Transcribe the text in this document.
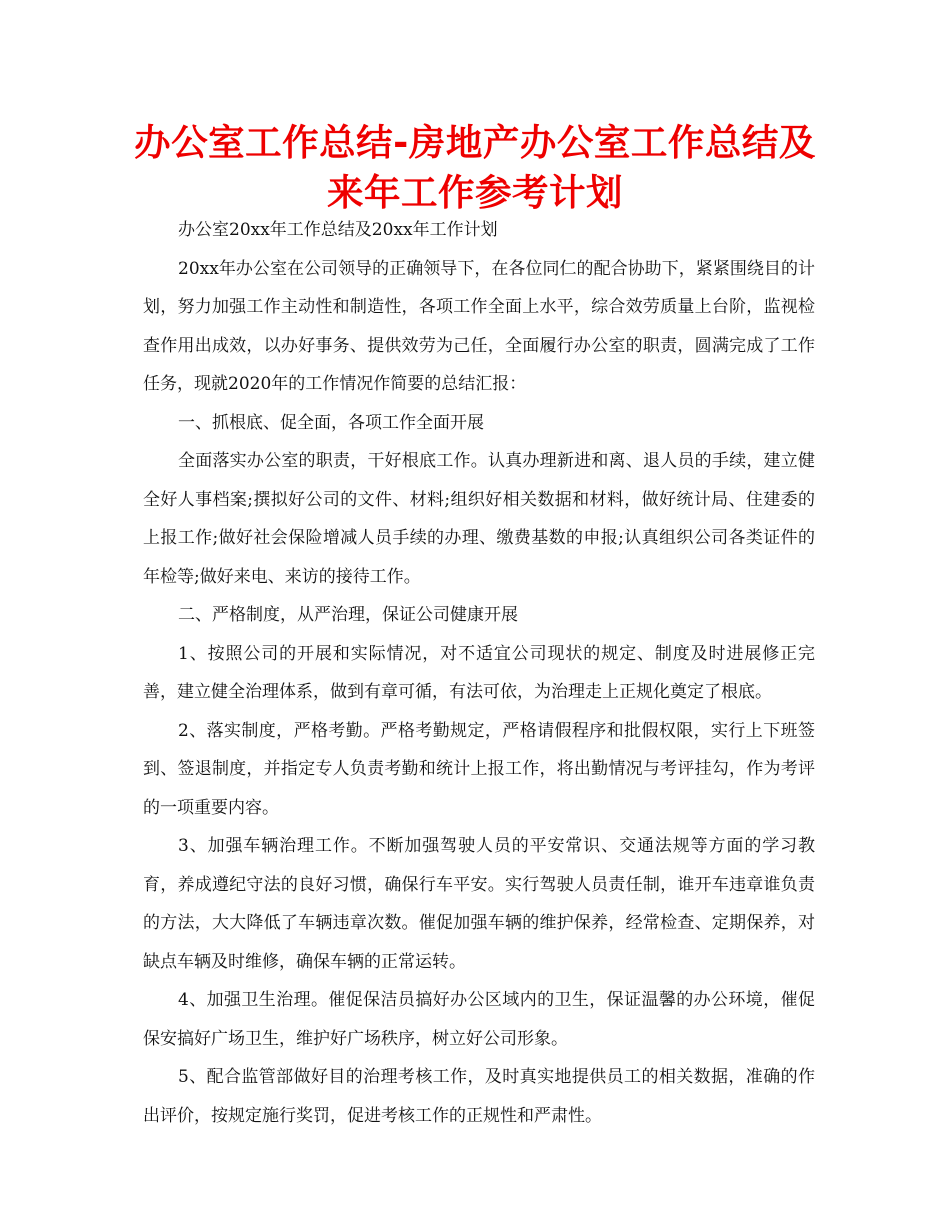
办公室工作总结-房地产办公室工作总结及来年工作参考计划

办公室20xx年工作总结及20xx年工作计划

20xx年办公室在公司领导的正确领导下，在各位同仁的配合协助下，紧紧围绕目的计划，努力加强工作主动性和制造性，各项工作全面上水平，综合效劳质量上台阶，监视检查作用出成效，以办好事务、提供效劳为己任，全面履行办公室的职责，圆满完成了工作任务，现就2020年的工作情况作简要的总结汇报：

一、抓根底、促全面，各项工作全面开展

全面落实办公室的职责，干好根底工作。认真办理新进和离、退人员的手续，建立健全好人事档案;撰拟好公司的文件、材料;组织好相关数据和材料，做好统计局、住建委的上报工作;做好社会保险增减人员手续的办理、缴费基数的申报;认真组织公司各类证件的年检等;做好来电、来访的接待工作。

二、严格制度，从严治理，保证公司健康开展

1、按照公司的开展和实际情况，对不适宜公司现状的规定、制度及时进展修正完善，建立健全治理体系，做到有章可循，有法可依，为治理走上正规化奠定了根底。

2、落实制度，严格考勤。严格考勤规定，严格请假程序和批假权限，实行上下班签到、签退制度，并指定专人负责考勤和统计上报工作，将出勤情况与考评挂勾，作为考评的一项重要内容。

3、加强车辆治理工作。不断加强驾驶人员的平安常识、交通法规等方面的学习教育，养成遵纪守法的良好习惯，确保行车平安。实行驾驶人员责任制，谁开车违章谁负责的方法，大大降低了车辆违章次数。催促加强车辆的维护保养，经常检查、定期保养，对缺点车辆及时维修，确保车辆的正常运转。

4、加强卫生治理。催促保洁员搞好办公区域内的卫生，保证温馨的办公环境，催促保安搞好广场卫生，维护好广场秩序，树立好公司形象。

5、配合监管部做好目的治理考核工作，及时真实地提供员工的相关数据，准确的作出评价，按规定施行奖罚，促进考核工作的正规性和严肃性。
